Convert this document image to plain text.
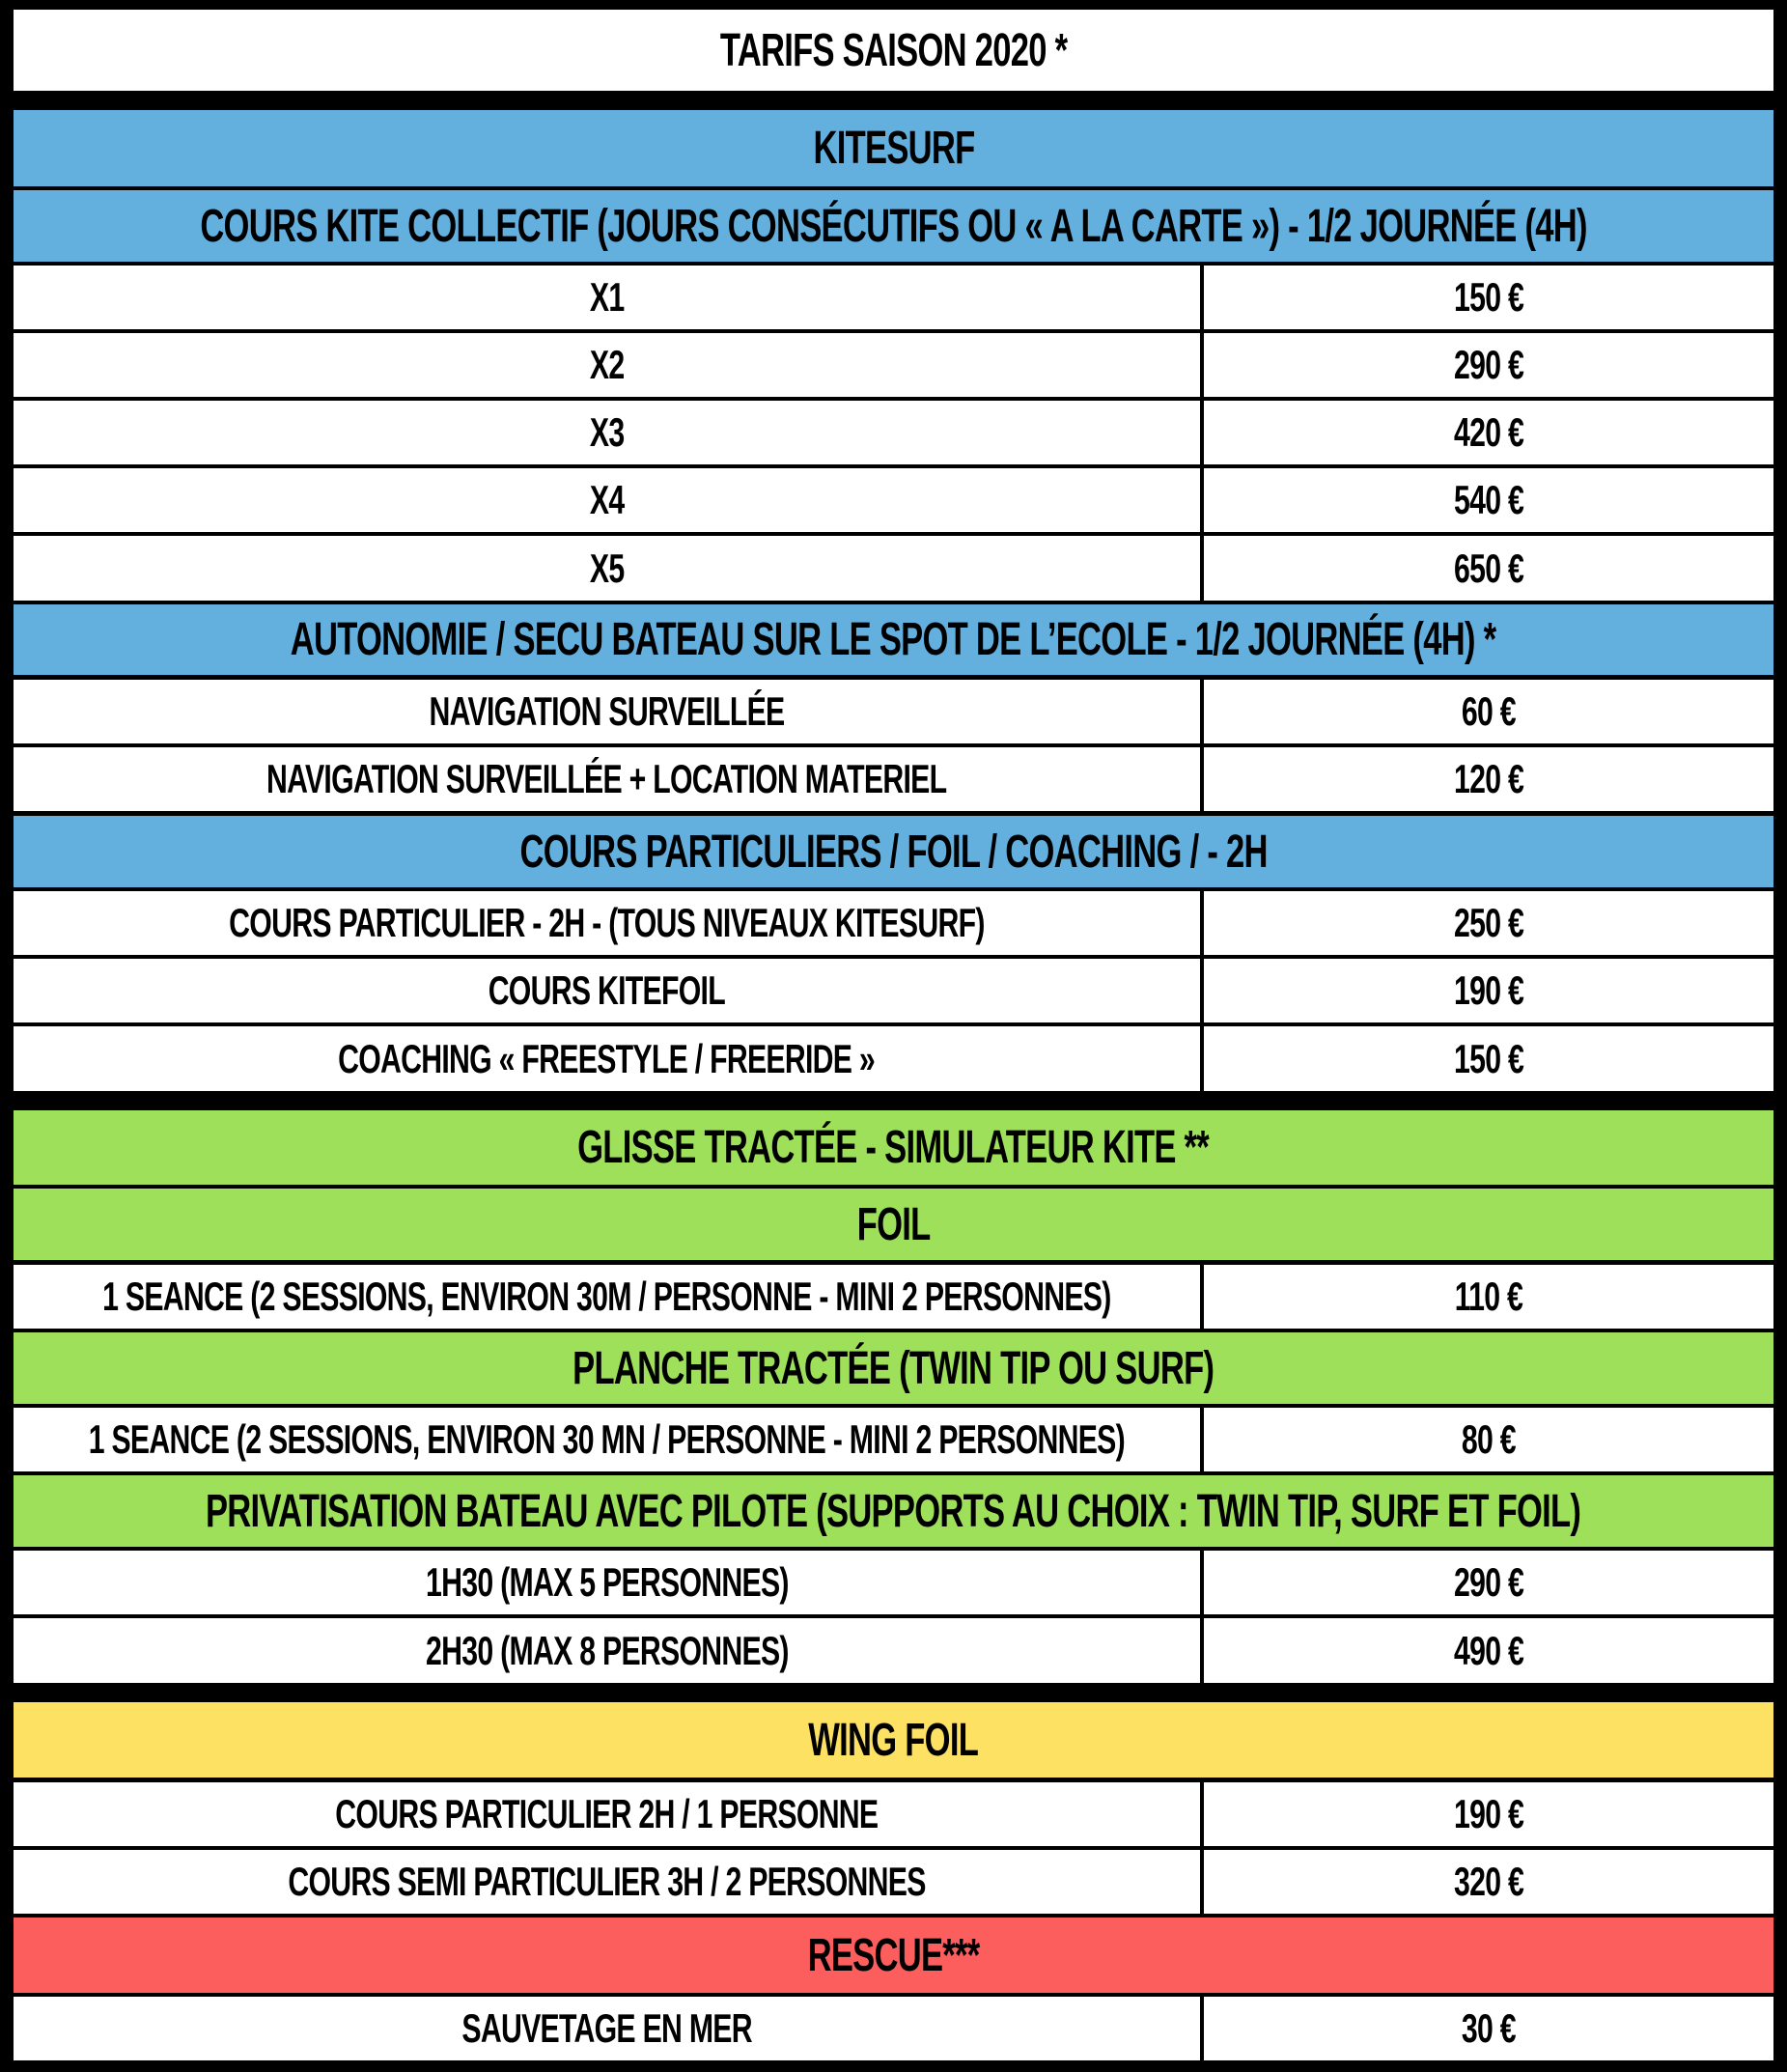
TARIFS SAISON 2020 *
KITESURF
COURS KITE COLLECTIF (JOURS CONSÉCUTIFS OU « A LA CARTE ») - 1/2 JOURNÉE (4H)
X1	150 €
X2	290 €
X3	420 €
X4	540 €
X5	650 €
AUTONOMIE / SECU BATEAU SUR LE SPOT DE L’ECOLE - 1/2 JOURNÉE (4H) *
NAVIGATION SURVEILLÉE	60 €
NAVIGATION SURVEILLÉE + LOCATION MATERIEL	120 €
COURS PARTICULIERS / FOIL / COACHING / - 2H
COURS PARTICULIER - 2H - (TOUS NIVEAUX KITESURF)	250 €
COURS KITEFOIL	190 €
COACHING « FREESTYLE / FREERIDE »	150 €
GLISSE TRACTÉE - SIMULATEUR KITE **
FOIL
1 SEANCE (2 SESSIONS, ENVIRON 30M / PERSONNE - MINI 2 PERSONNES)	110 €
PLANCHE TRACTÉE (TWIN TIP OU SURF)
1 SEANCE (2 SESSIONS, ENVIRON 30 MN / PERSONNE - MINI 2 PERSONNES)	80 €
PRIVATISATION BATEAU AVEC PILOTE (SUPPORTS AU CHOIX : TWIN TIP, SURF ET FOIL)
1H30 (MAX 5 PERSONNES)	290 €
2H30 (MAX 8 PERSONNES)	490 €
WING FOIL
COURS PARTICULIER 2H / 1 PERSONNE	190 €
COURS SEMI PARTICULIER 3H / 2 PERSONNES	320 €
RESCUE***
SAUVETAGE EN MER	30 €
